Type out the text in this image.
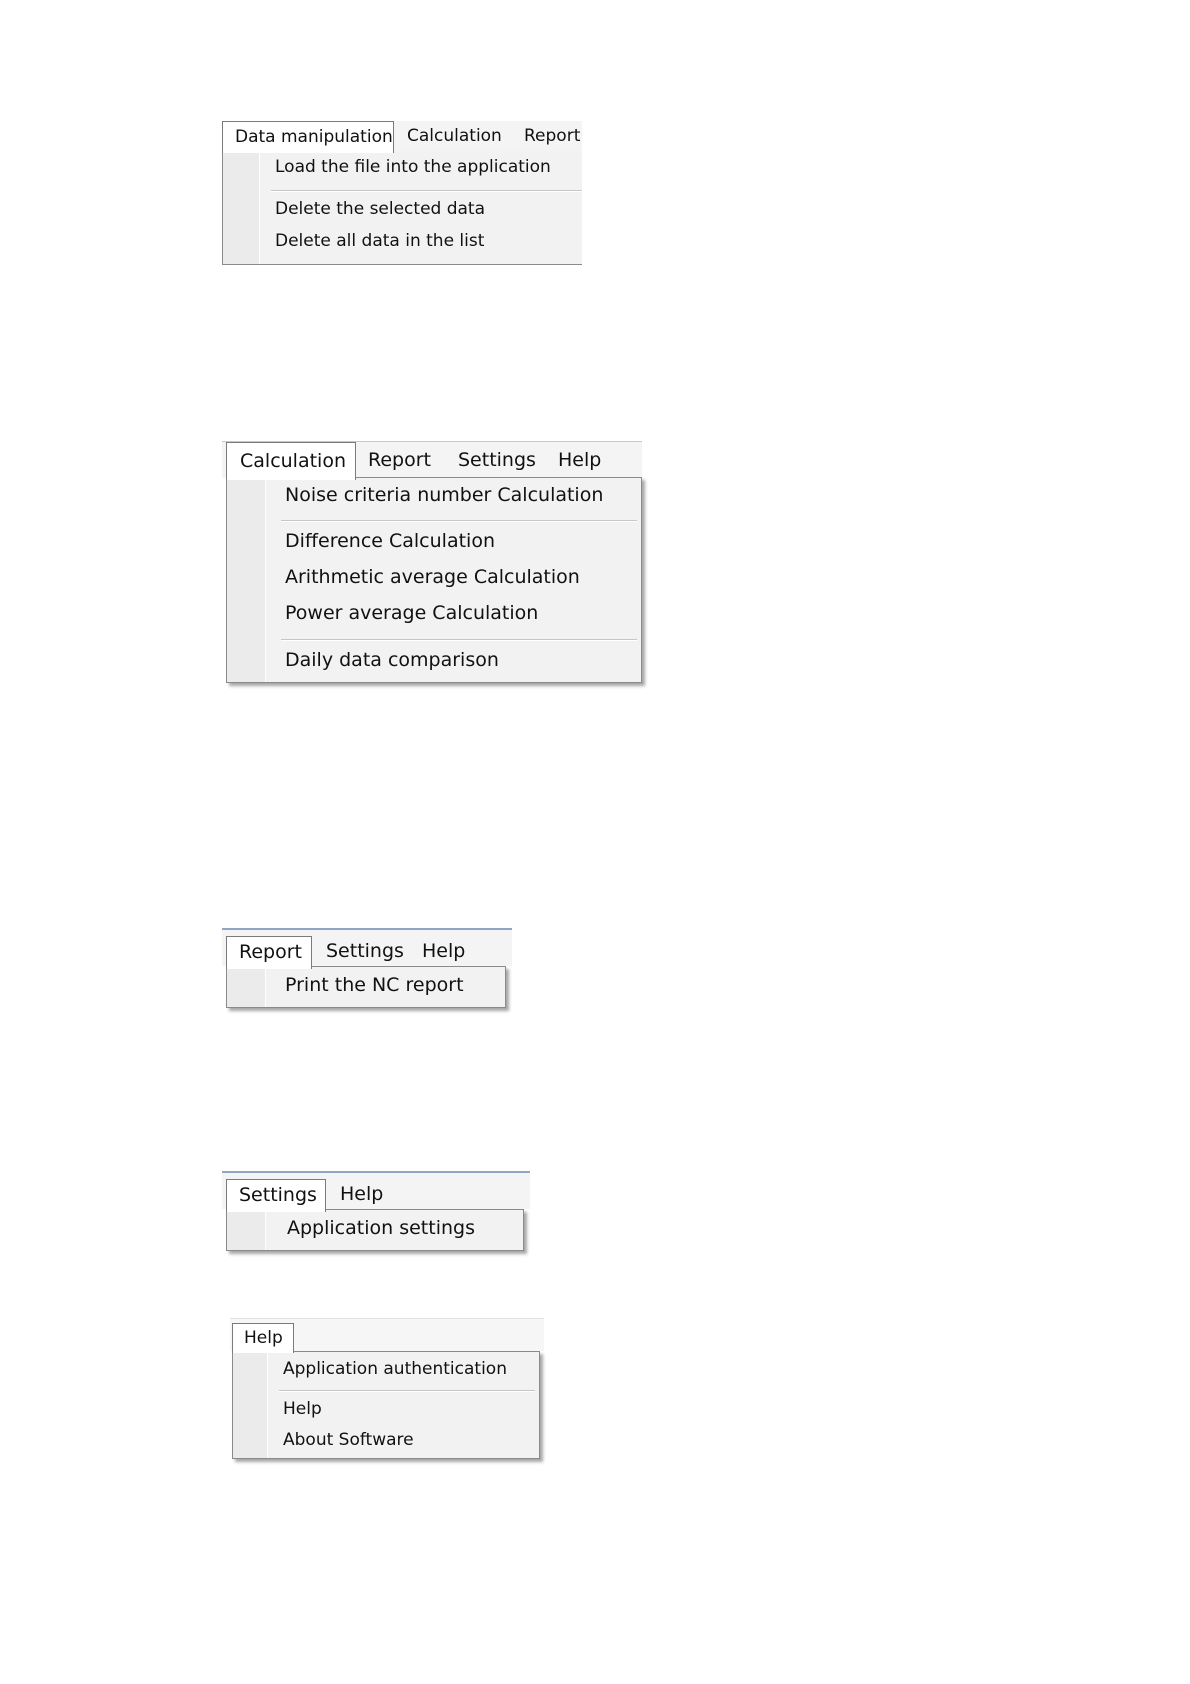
Data manipulation Calculation Report
Load the file into the application
Delete the selected data
Delete all data in the list
Calculation	Report Settings Help
Noise criteria number Calculation
Difference Calculation
Arithmetic average Calculation
Power average Calculation
Daily data comparison
Report	Settings Help
Print the NC report
Settings	Help
Application settings
Help
Application authentication
Help
About Software
